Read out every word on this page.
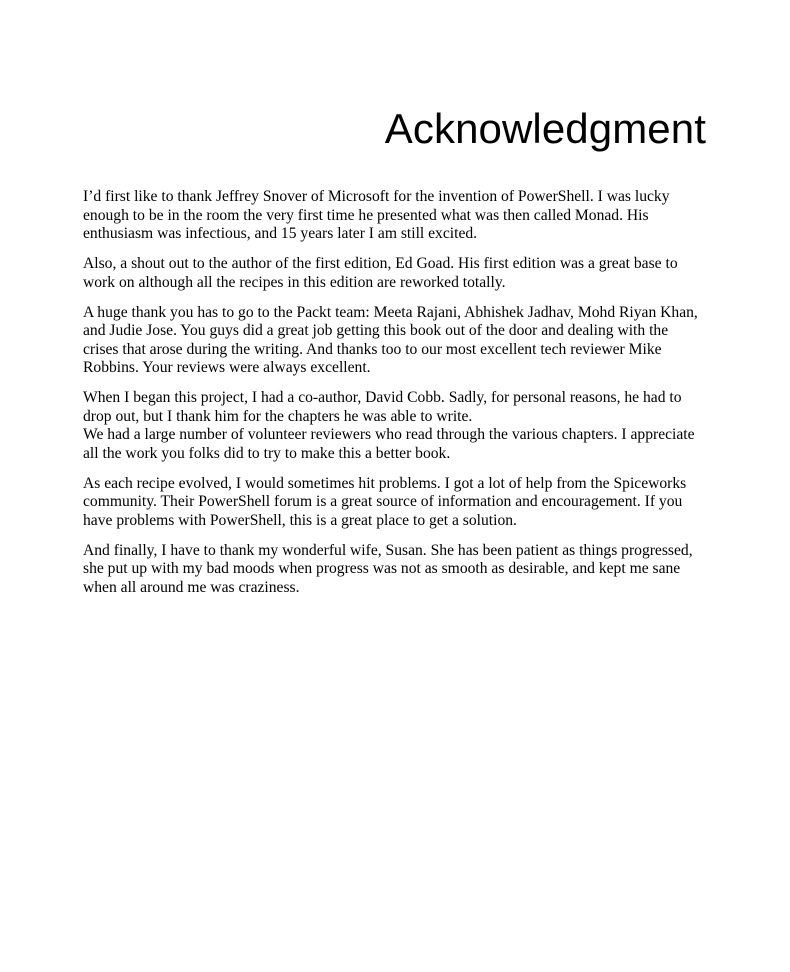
Acknowledgment

I’d first like to thank Jeffrey Snover of Microsoft for the invention of PowerShell. I was lucky enough to be in the room the very first time he presented what was then called Monad. His enthusiasm was infectious, and 15 years later I am still excited.

Also, a shout out to the author of the first edition, Ed Goad. His first edition was a great base to work on although all the recipes in this edition are reworked totally.

A huge thank you has to go to the Packt team: Meeta Rajani, Abhishek Jadhav, Mohd Riyan Khan, and Judie Jose. You guys did a great job getting this book out of the door and dealing with the crises that arose during the writing. And thanks too to our most excellent tech reviewer Mike Robbins. Your reviews were always excellent.

When I began this project, I had a co-author, David Cobb. Sadly, for personal reasons, he had to drop out, but I thank him for the chapters he was able to write.

We had a large number of volunteer reviewers who read through the various chapters. I appreciate all the work you folks did to try to make this a better book.

As each recipe evolved, I would sometimes hit problems. I got a lot of help from the Spiceworks community. Their PowerShell forum is a great source of information and encouragement. If you have problems with PowerShell, this is a great place to get a solution.

And finally, I have to thank my wonderful wife, Susan. She has been patient as things progressed, she put up with my bad moods when progress was not as smooth as desirable, and kept me sane when all around me was craziness.
